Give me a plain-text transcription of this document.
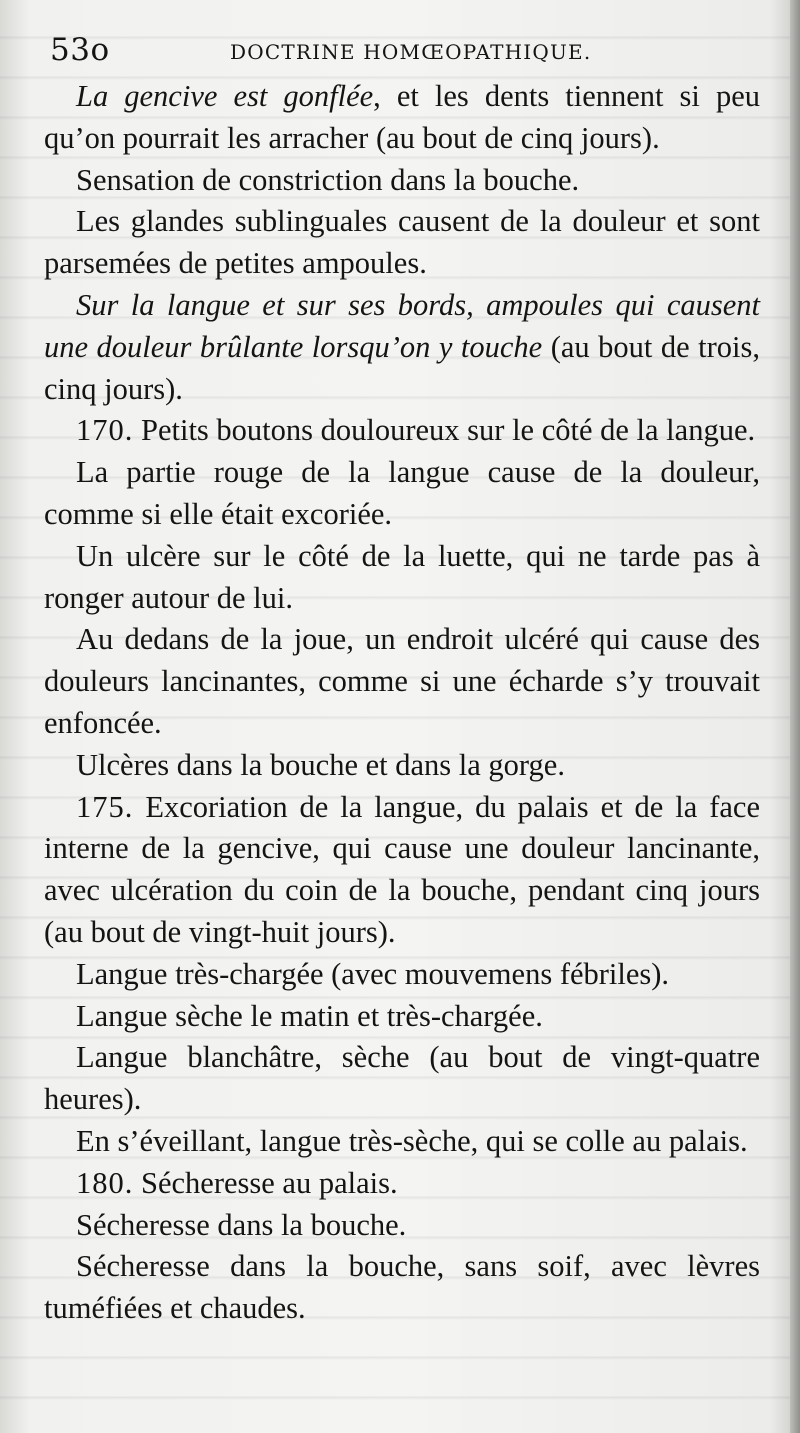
53o	DOCTRINE HOMŒOPATHIQUE.

La gencive est gonflée, et les dents tiennent si peu qu’on pourrait les arracher (au bout de cinq jours).

Sensation de constriction dans la bouche.

Les glandes sublinguales causent de la douleur et sont parsemées de petites ampoules.

Sur la langue et sur ses bords, ampoules qui causent une douleur brûlante lorsqu’on y touche (au bout de trois, cinq jours).

170. Petits boutons douloureux sur le côté de la langue.

La partie rouge de la langue cause de la douleur, comme si elle était excoriée.

Un ulcère sur le côté de la luette, qui ne tarde pas à ronger autour de lui.

Au dedans de la joue, un endroit ulcéré qui cause des douleurs lancinantes, comme si une écharde s’y trouvait enfoncée.

Ulcères dans la bouche et dans la gorge.

175. Excoriation de la langue, du palais et de la face interne de la gencive, qui cause une douleur lancinante, avec ulcération du coin de la bouche, pendant cinq jours (au bout de vingt-huit jours).

Langue très-chargée (avec mouvemens fébriles).

Langue sèche le matin et très-chargée.

Langue blanchâtre, sèche (au bout de vingt-quatre heures).

En s’éveillant, langue très-sèche, qui se colle au palais.

180. Sécheresse au palais.

Sécheresse dans la bouche.

Sécheresse dans la bouche, sans soif, avec lèvres tuméfiées et chaudes.
